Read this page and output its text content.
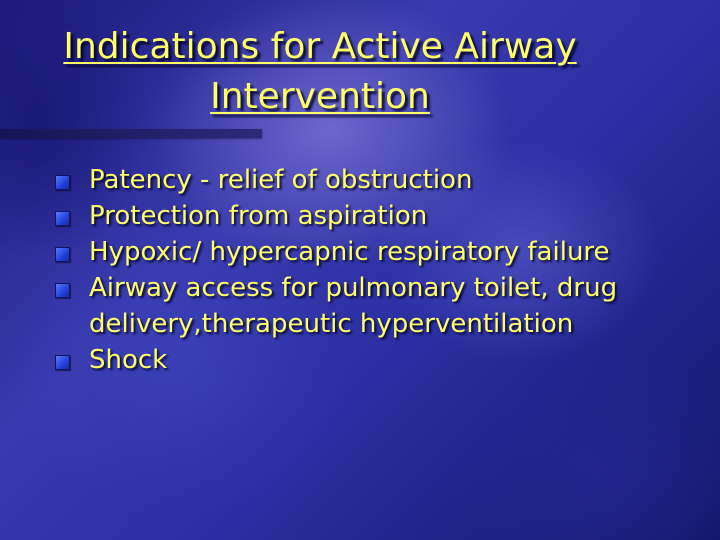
Indications for Active Airway
Intervention
Patency - relief of obstruction
Protection from aspiration
Hypoxic/ hypercapnic respiratory failure
Airway access for pulmonary toilet, drug delivery,therapeutic hyperventilation
Shock
